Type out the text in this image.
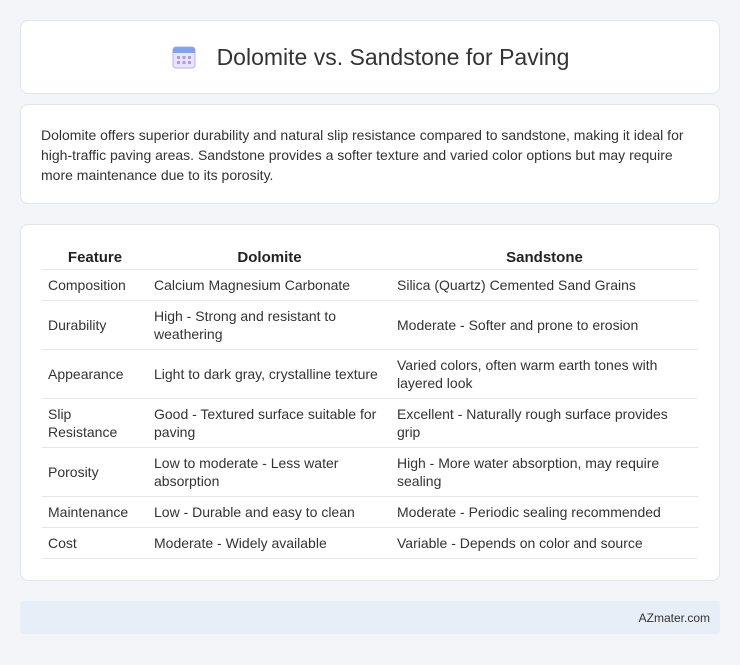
Dolomite vs. Sandstone for Paving

Dolomite offers superior durability and natural slip resistance compared to sandstone, making it ideal for high-traffic paving areas. Sandstone provides a softer texture and varied color options but may require more maintenance due to its porosity.

Feature	Dolomite	Sandstone
Composition	Calcium Magnesium Carbonate	Silica (Quartz) Cemented Sand Grains
Durability	High - Strong and resistant to weathering	Moderate - Softer and prone to erosion
Appearance	Light to dark gray, crystalline texture	Varied colors, often warm earth tones with layered look
Slip Resistance	Good - Textured surface suitable for paving	Excellent - Naturally rough surface provides grip
Porosity	Low to moderate - Less water absorption	High - More water absorption, may require sealing
Maintenance	Low - Durable and easy to clean	Moderate - Periodic sealing recommended
Cost	Moderate - Widely available	Variable - Depends on color and source
AZmater.com
